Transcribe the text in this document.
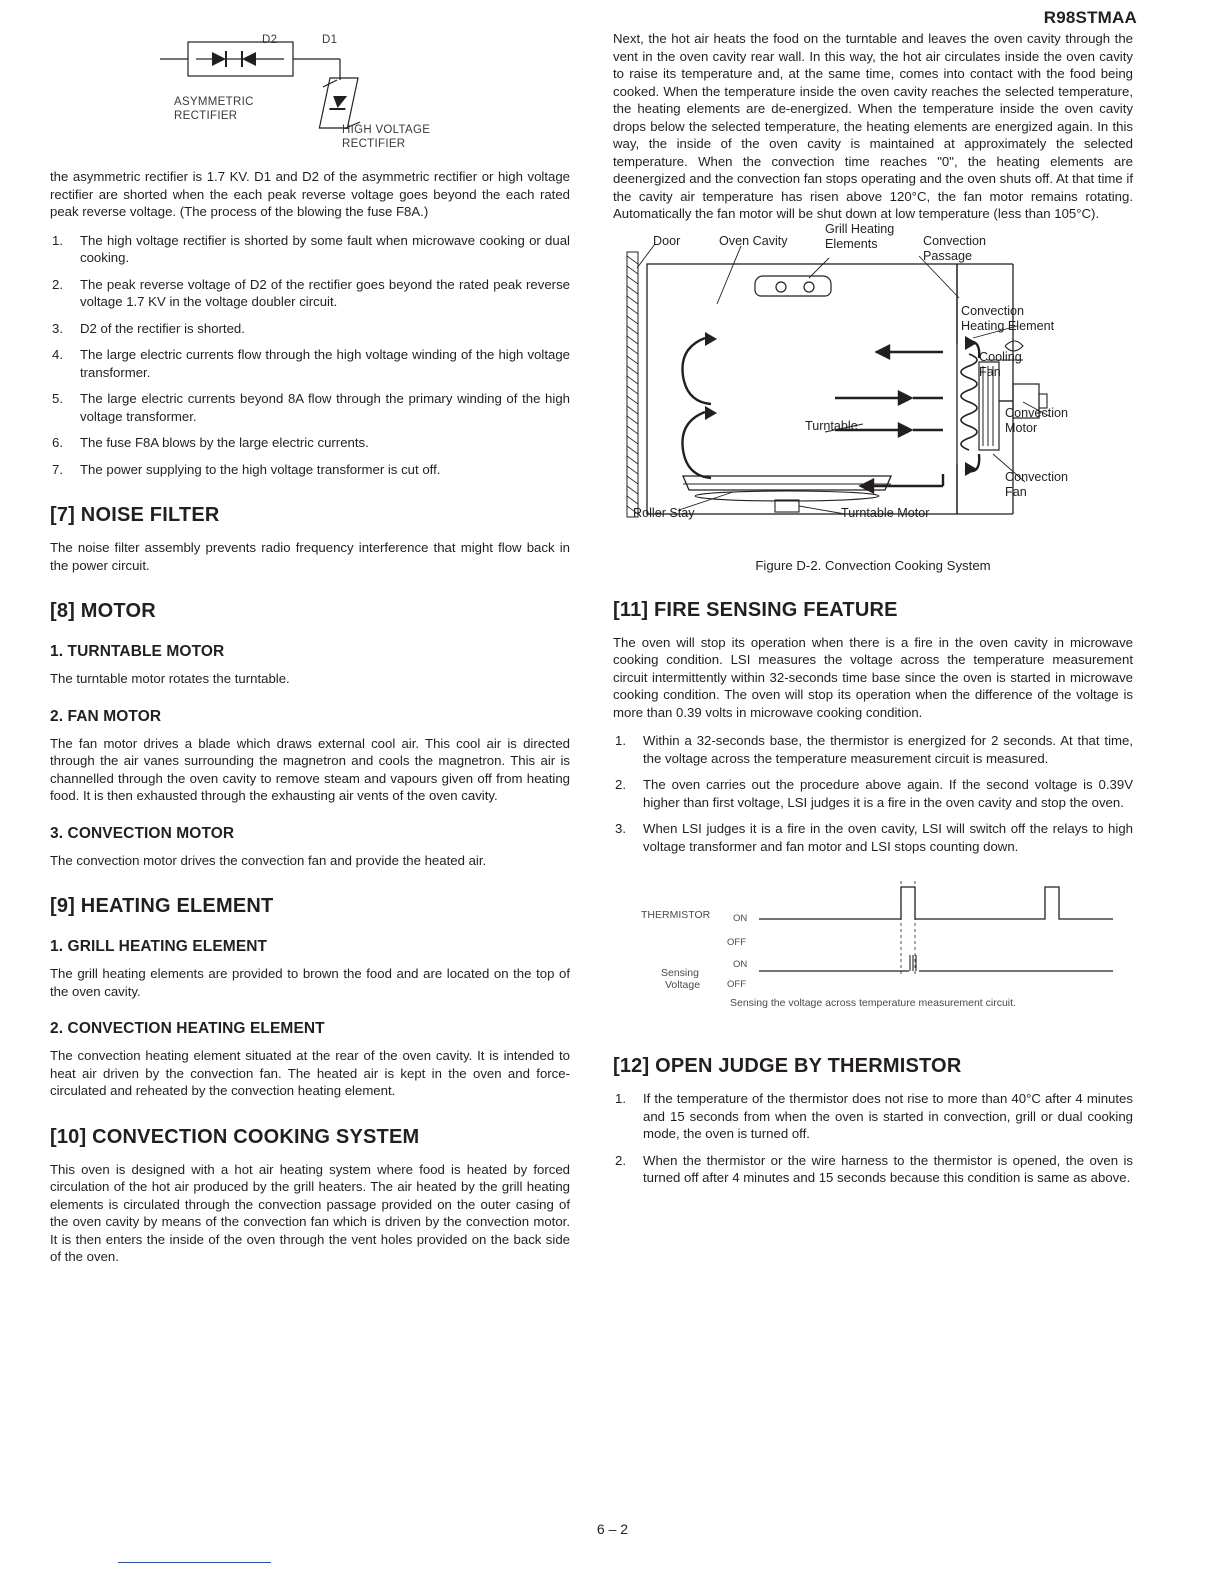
R98STMAA
D2	D1
ASYMMETRIC
RECTIFIER
HIGH VOLTAGE
RECTIFIER

the asymmetric rectifier is 1.7 KV. D1 and D2 of the asymmetric rectifier or high voltage rectifier are shorted when the each peak reverse voltage goes beyond the each rated peak reverse voltage. (The process of the blowing the fuse F8A.)

The high voltage rectifier is shorted by some fault when microwave cooking or dual cooking.
The peak reverse voltage of D2 of the rectifier goes beyond the rated peak reverse voltage 1.7 KV in the voltage doubler circuit.
D2 of the rectifier is shorted.
The large electric currents flow through the high voltage winding of the high voltage transformer.
The large electric currents beyond 8A flow through the primary winding of the high voltage transformer.
The fuse F8A blows by the large electric currents.
The power supplying to the high voltage transformer is cut off.
[7] NOISE FILTER

The noise filter assembly prevents radio frequency interference that might flow back in the power circuit.

[8] MOTOR
1. TURNTABLE MOTOR

The turntable motor rotates the turntable.

2. FAN MOTOR

The fan motor drives a blade which draws external cool air. This cool air is directed through the air vanes surrounding the magnetron and cools the magnetron. This air is channelled through the oven cavity to remove steam and vapours given off from heating food. It is then exhausted through the exhausting air vents of the oven cavity.

3. CONVECTION MOTOR

The convection motor drives the convection fan and provide the heated air.

[9] HEATING ELEMENT
1. GRILL HEATING ELEMENT

The grill heating elements are provided to brown the food and are located on the top of the oven cavity.

2. CONVECTION HEATING ELEMENT

The convection heating element situated at the rear of the oven cavity. It is intended to heat air driven by the convection fan. The heated air is kept in the oven and force-circulated and reheated by the convection heating element.

[10] CONVECTION COOKING SYSTEM

This oven is designed with a hot air heating system where food is heated by forced circulation of the hot air produced by the grill heaters. The air heated by the grill heating elements is circulated through the convection passage provided on the outer casing of the oven cavity by means of the convection fan which is driven by the convection motor. It is then enters the inside of the oven through the vent holes provided on the back side of the oven.

Next, the hot air heats the food on the turntable and leaves the oven cavity through the vent in the oven cavity rear wall. In this way, the hot air circulates inside the oven cavity to raise its temperature and, at the same time, comes into contact with the food being cooked. When the temperature inside the oven cavity reaches the selected temperature, the heating elements are de-energized. When the temperature inside the oven cavity drops below the selected temperature, the heating elements are energized again. In this way, the inside of the oven cavity is maintained at approximately the selected temperature. When the convection time reaches "0", the heating elements are deenergized and the convection fan stops operating and the oven shuts off. At that time if the cavity air temperature has risen above 120°C, the fan motor remains rotating. Automatically the fan motor will be shut down at low temperature (less than 105°C).

Door	Oven Cavity
Grill Heating
Elements	Convection
Passage
Convection
Heating Element
Cooling
Fan
Convection
Motor
Convection
Fan
Turntable
Roller Stay	Turntable Motor
Figure D-2. Convection Cooking System
[11] FIRE SENSING FEATURE

The oven will stop its operation when there is a fire in the oven cavity in microwave cooking condition. LSI measures the voltage across the temperature measurement circuit intermittently within 32-seconds time base since the oven is started in microwave cooking condition. The oven will stop its operation when the difference of the voltage is more than 0.39 volts in microwave cooking condition.

Within a 32-seconds base, the thermistor is energized for 2 seconds. At that time, the voltage across the temperature measurement circuit is measured.
The oven carries out the procedure above again. If the second voltage is 0.39V higher than first voltage, LSI judges it is a fire in the oven cavity and stop the oven.
When LSI judges it is a fire in the oven cavity, LSI will switch off the relays to high voltage transformer and fan motor and LSI stops counting down.
THERMISTOR ON
OFF
ON
OFF
Sensing
Voltage
Sensing the voltage across temperature measurement circuit.
[12] OPEN JUDGE BY THERMISTOR
If the temperature of the thermistor does not rise to more than 40°C after 4 minutes and 15 seconds from when the oven is started in convection, grill or dual cooking mode, the oven is turned off.
When the thermistor or the wire harness to the thermistor is opened, the oven is turned off after 4 minutes and 15 seconds because this condition is same as above.
6 – 2
